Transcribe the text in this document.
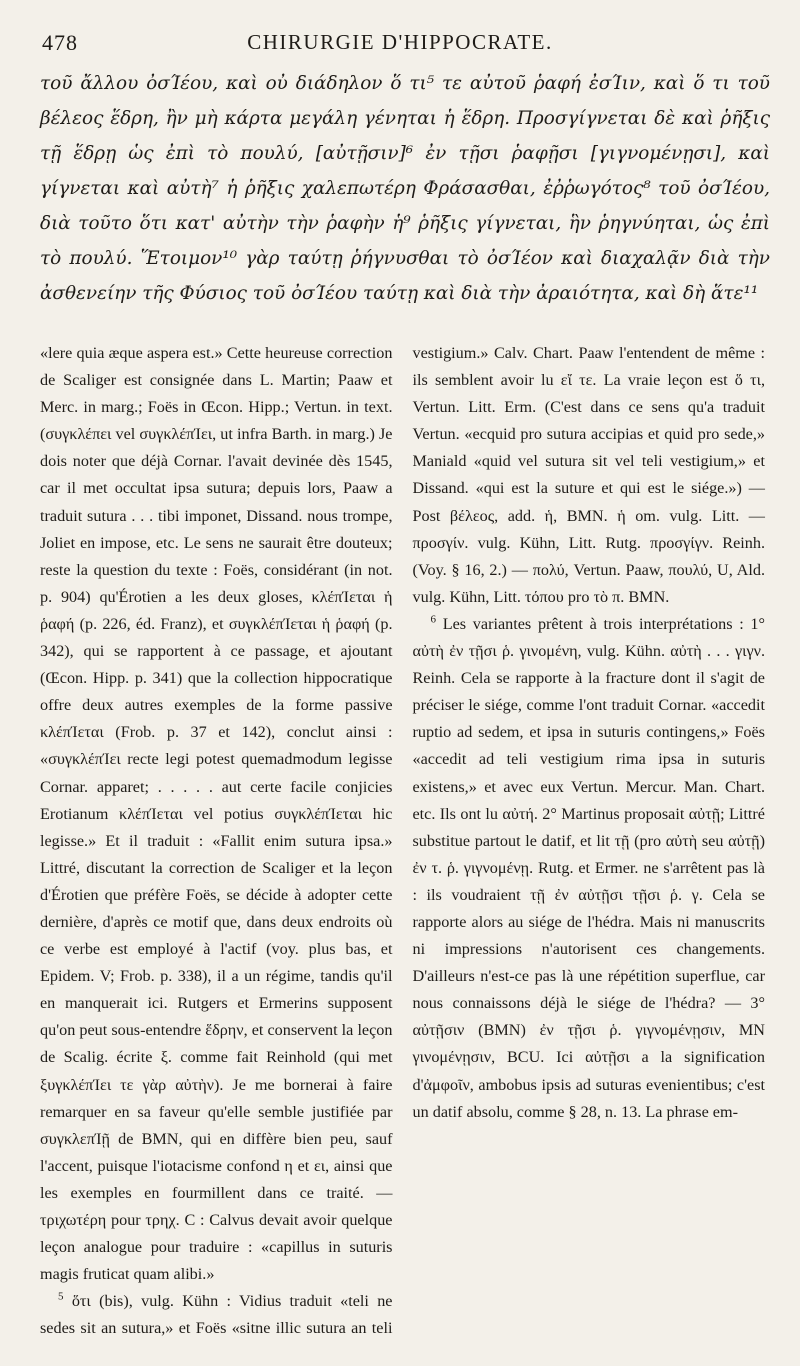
478	CHIRURGIE D'HIPPOCRATE.
τοῦ ἄλλου ὀσΊέου, καὶ οὐ διάδηλον ὅ τι⁵ τε αὐτοῦ ῥαφή ἐσΊιν, καὶ ὅ τι τοῦ βέλεος ἕδρη, ἢν μὴ κάρτα μεγάλη γένηται ἡ ἕδρη. Προσγίγνεται δὲ καὶ ῥῆξις τῇ ἕδρῃ ὡς ἐπὶ τὸ πουλύ, [αὐτῇσιν]⁶ ἐν τῇσι ῥαφῇσι [γιγνομένῃσι], καὶ γίγνεται καὶ αὐτὴ⁷ ἡ ῥῆξις χαλεπωτέρη Φράσασθαι, ἐῤῥωγότος⁸ τοῦ ὀσΊέου, διὰ τοῦτο ὅτι κατ' αὐτὴν τὴν ῥαφὴν ἡ⁹ ῥῆξις γίγνεται, ἣν ῥηγνύηται, ὡς ἐπὶ τὸ πουλύ. Ἕτοιμον¹⁰ γὰρ ταύτῃ ῥήγνυσθαι τὸ ὀσΊέον καὶ διαχαλᾷν διὰ τὴν ἀσθενείην τῆς Φύσιος τοῦ ὀσΊέου ταύτῃ καὶ διὰ τὴν ἀραιότητα, καὶ δὴ ἅτε¹¹

«lere quia æque aspera est.» Cette heureuse correction de Scaliger est consignée dans L. Martin; Paaw et Merc. in marg.; Foës in Œcon. Hipp.; Vertun. in text. (συγκλέπει vel συγκλέπΊει, ut infra Barth. in marg.) Je dois noter que déjà Cornar. l'avait devinée dès 1545, car il met occultat ipsa sutura; depuis lors, Paaw a traduit sutura . . . tibi imponet, Dissand. nous trompe, Joliet en impose, etc. Le sens ne saurait être douteux; reste la question du texte : Foës, considérant (in not. p. 904) qu'Érotien a les deux gloses, κλέπΊεται ἡ ῥαφή (p. 226, éd. Franz), et συγκλέπΊεται ἡ ῥαφή (p. 342), qui se rapportent à ce passage, et ajoutant (Œcon. Hipp. p. 341) que la collection hippocratique offre deux autres exemples de la forme passive κλέπΊεται (Frob. p. 37 et 142), conclut ainsi : «συγκλέπΊει recte legi potest quemadmodum legisse Cornar. apparet; . . . . . aut certe facile conjicies Erotianum κλέπΊεται vel potius συγκλέπΊεται hic legisse.» Et il traduit : «Fallit enim sutura ipsa.» Littré, discutant la correction de Scaliger et la leçon d'Érotien que préfère Foës, se décide à adopter cette dernière, d'après ce motif que, dans deux endroits où ce verbe est employé à l'actif (voy. plus bas, et Epidem. V; Frob. p. 338), il a un régime, tandis qu'il en manquerait ici. Rutgers et Ermerins supposent qu'on peut sous-entendre ἕδρην, et conservent la leçon de Scalig. écrite ξ. comme fait Reinhold (qui met ξυγκλέπΊει τε γὰρ αὐτὴν). Je me bornerai à faire remarquer en sa faveur qu'elle semble justifiée par συγκλεπΊῇ de BMN, qui en diffère bien peu, sauf l'accent, puisque l'iotacisme confond η et ει, ainsi que les exemples en fourmillent dans ce traité. — τριχωτέρη pour τρηχ. C : Calvus devait avoir quelque leçon analogue pour traduire : «capillus in suturis magis fruticat quam alibi.»

$^5$ ὅτι (bis), vulg. Kühn : Vidius traduit «teli ne sedes sit an sutura,» et Foës «sitne illic sutura an teli vestigium.» Calv. Chart. Paaw l'entendent de même : ils semblent avoir lu εἴ τε. La vraie leçon est ὅ τι, Vertun. Litt. Erm. (C'est dans ce sens qu'a traduit Vertun. «ecquid pro sutura accipias et quid pro sede,» Maniald «quid vel sutura sit vel teli vestigium,» et Dissand. «qui est la suture et qui est le siége.») — Post βέλεος, add. ἡ, BMN. ἡ om. vulg. Litt. — προσγίν. vulg. Kühn, Litt. Rutg. προσγίγν. Reinh. (Voy. § 16, 2.) — πολύ, Vertun. Paaw, πουλύ, U, Ald. vulg. Kühn, Litt. τόπου pro τὸ π. BMN.

$^6$ Les variantes prêtent à trois interprétations : 1° αὐτὴ ἐν τῇσι ῥ. γινομένη, vulg. Kühn. αὐτὴ . . . γιγν. Reinh. Cela se rapporte à la fracture dont il s'agit de préciser le siége, comme l'ont traduit Cornar. «accedit ruptio ad sedem, et ipsa in suturis contingens,» Foës «accedit ad teli vestigium rima ipsa in suturis existens,» et avec eux Vertun. Mercur. Man. Chart. etc. Ils ont lu αὐτή. 2° Martinus proposait αὐτῇ; Littré substitue partout le datif, et lit τῇ (pro αὐτὴ seu αὐτῇ) ἐν τ. ῥ. γιγνομένῃ. Rutg. et Ermer. ne s'arrêtent pas là : ils voudraient τῇ ἐν αὐτῇσι τῇσι ῥ. γ. Cela se rapporte alors au siége de l'hédra. Mais ni manuscrits ni impressions n'autorisent ces changements. D'ailleurs n'est-ce pas là une répétition superflue, car nous connaissons déjà le siége de l'hédra? — 3° αὐτῇσιν (BMN) ἐν τῇσι ῥ. γιγνομένῃσιν, MN γινομένῃσιν, BCU. Ici αὐτῇσι a la signification d'ἀμφοῖν, ambobus ipsis ad suturas evenientibus; c'est un datif absolu, comme § 28, n. 13. La phrase em-
